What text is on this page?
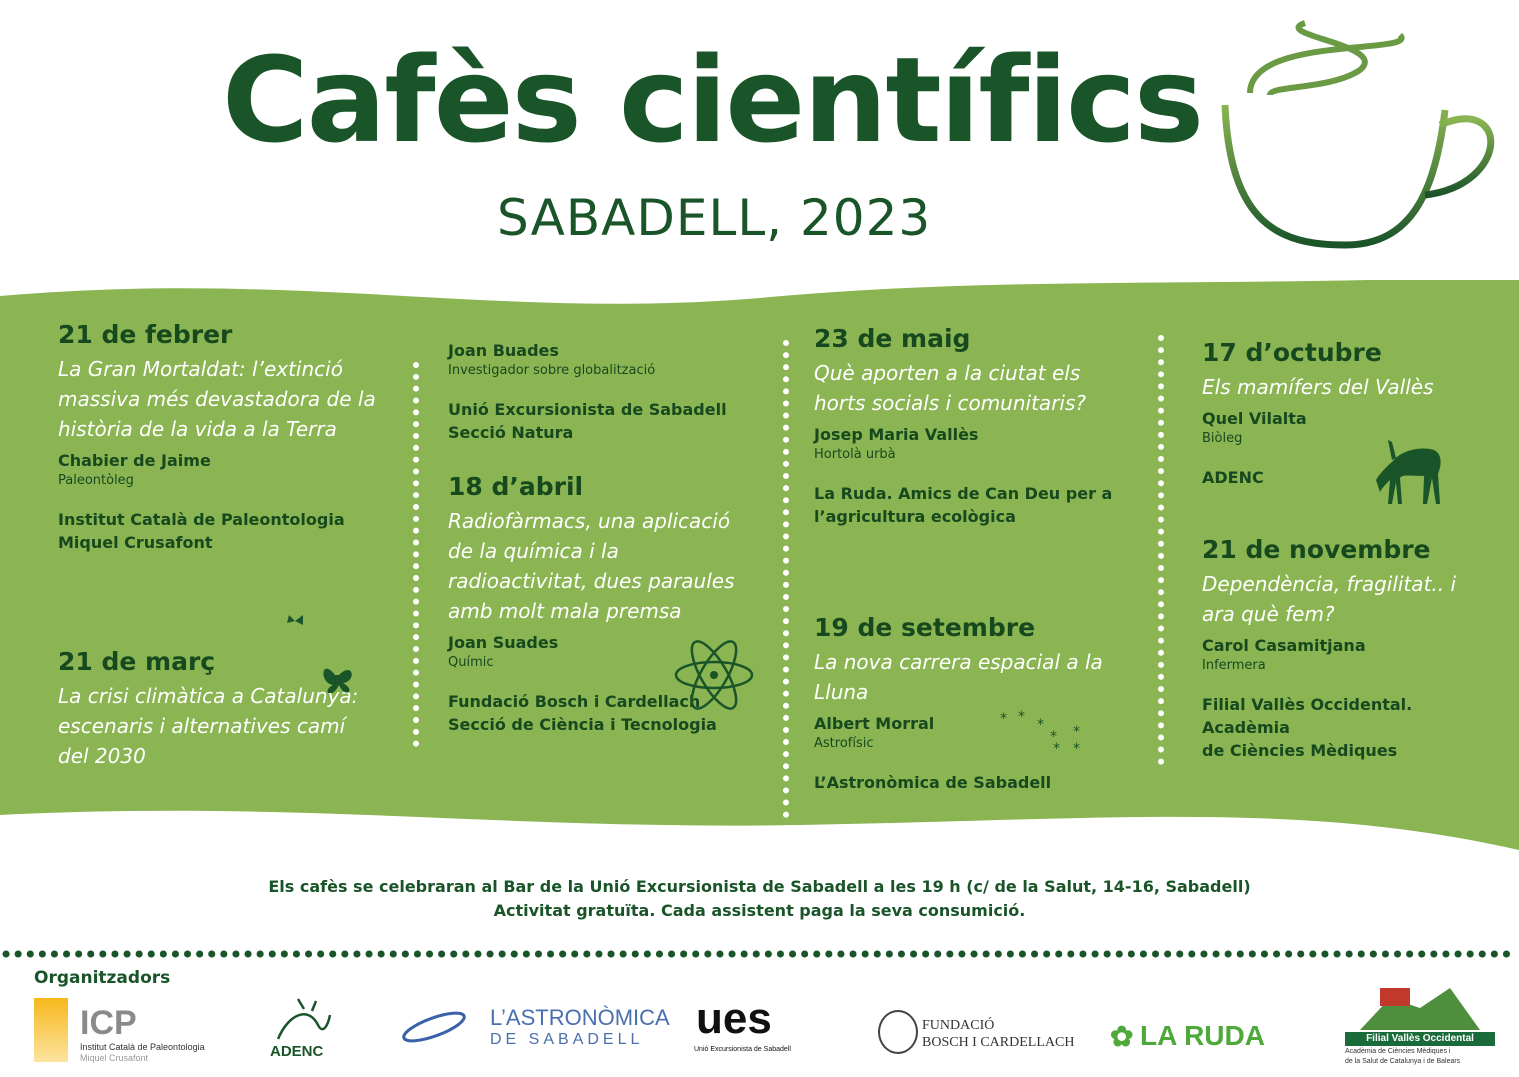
Cafès científics
SABADELL, 2023

21 de febrer

La Gran Mortaldat: l’extinció massiva més devastadora de la història de la vida a la Terra

Chabier de Jaime

Paleontòleg

Institut Català de Paleontologia

Miquel Crusafont

21 de març

La crisi climàtica a Catalunya: escenaris i alternatives camí del 2030

Joan Buades

Investigador sobre globalització

Unió Excursionista de Sabadell

Secció Natura

18 d’abril

Radiofàrmacs, una aplicació de la química i la radioactivitat, dues paraules amb molt mala premsa

Joan Suades

Químic

Fundació Bosch i Cardellach

Secció de Ciència i Tecnologia

23 de maig

Què aporten a la ciutat els horts socials i comunitaris?

Josep Maria Vallès

Hortolà urbà

La Ruda. Amics de Can Deu per a

l’agricultura ecològica

19 de setembre

La nova carrera espacial a la Lluna

Albert Morral

Astrofísic

L’Astronòmica de Sabadell

* * *
* *
* *

17 d’octubre

Els mamífers del Vallès

Quel Vilalta

Biòleg

ADENC

21 de novembre

Dependència, fragilitat.. i ara què fem?

Carol Casamitjana

Infermera

Filial Vallès Occidental. Acadèmia

de Ciències Mèdiques

Els cafès se celebraran al Bar de la Unió Excursionista de Sabadell a les 19 h (c/ de la Salut, 14-16, Sabadell)
Activitat gratuïta. Cada assistent paga la seva consumició.
Organitzadors
ICP
Institut Català de Paleontologia
Miquel Crusafont	ADENC
L’ASTRONÒMICA
DE SABADELL ues
Unió Excursionista de Sabadell
FUNDACIÓ
BOSCH I CARDELLACH ✿ LA RUDA	Filial Vallès Occidental
Acadèmia de Ciències Mèdiques i
de la Salut de Catalunya i de Balears
